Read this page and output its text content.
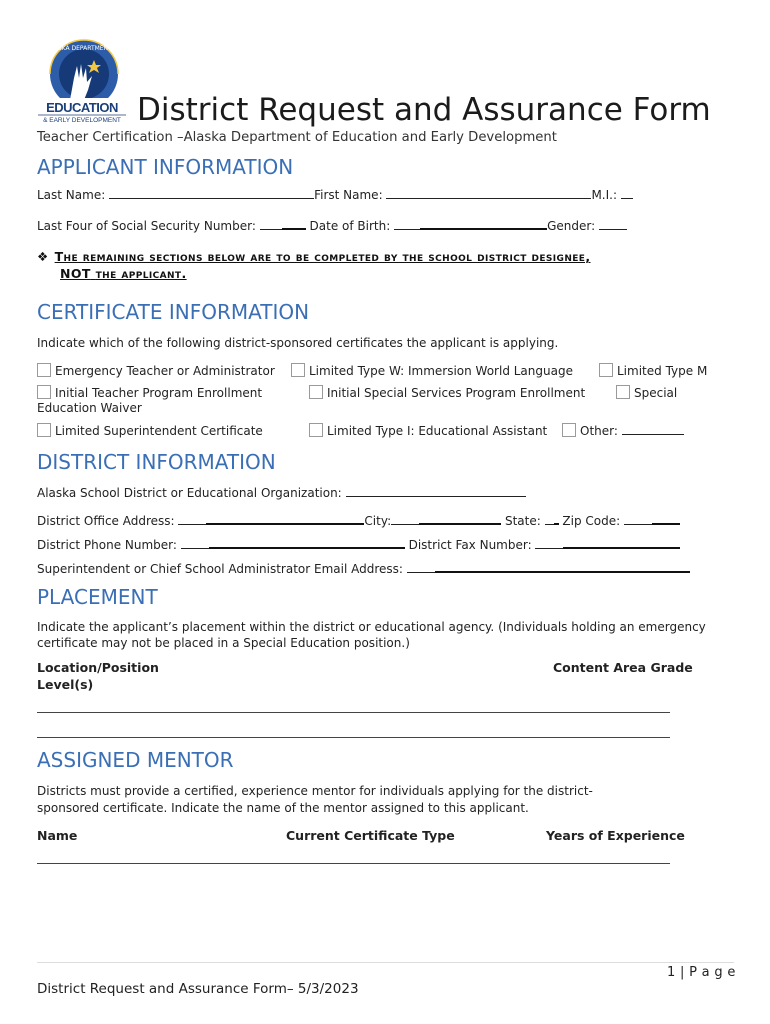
ALASKA DEPARTMENT OF
EDUCATION
& EARLY DEVELOPMENT District Request and Assurance Form
Teacher Certification –Alaska Department of Education and Early Development
APPLICANT INFORMATION
Last Name:	First Name:	M.I.:
Last Four of Social Security Number:	Date of Birth:	Gender:
❖ The remaining sections below are to be completed by the school district designee,
NOT the applicant.
CERTIFICATE INFORMATION
Indicate which of the following district-sponsored certificates the applicant is applying.
Emergency Teacher or Administrator	Limited Type W: Immersion World Language	Limited Type M
Initial Teacher Program Enrollment	Initial Special Services Program Enrollment	Special
Education Waiver
Limited Superintendent Certificate	Limited Type I: Educational Assistant	Other:
DISTRICT INFORMATION
Alaska School District or Educational Organization:
District Office Address:	City:	State: Zip Code:
District Phone Number:	District Fax Number:
Superintendent or Chief School Administrator Email Address:
PLACEMENT
Indicate the applicant’s placement within the district or educational agency. (Individuals holding an emergency
certificate may not be placed in a Special Education position.)
Location/Position	Content Area Grade
Level(s)
ASSIGNED MENTOR
Districts must provide a certified, experience mentor for individuals applying for the district-
sponsored certificate. Indicate the name of the mentor assigned to this applicant.
Name	Current Certificate Type	Years of Experience
1 | P a g e
District Request and Assurance Form– 5/3/2023
